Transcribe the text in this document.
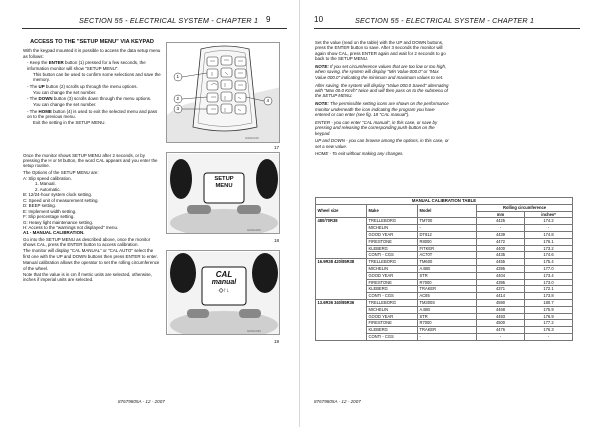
SECTION 55 - ELECTRICAL SYSTEM - CHAPTER 1 9
ACCESS TO THE "SETUP MENU" VIA KEYPAD

With the keypad mounted it is possible to access the data setup menu as follows:

- Keep the ENTER button (1) pressed for a few seconds, the information monitor will show "SETUP MENU".

This button can be used to confirm some selections and save the memory.

- The UP button (2) scrolls up through the menu options.

You can change the set number.

- The DOWN button (3) scrolls down through the menu options.

You can change the set number.

- The HOME button (4) is used to exit the selected menu and pass on to the previous menu.

Exit the setting in the SETUP MENU.

Once the monitor shows SETUP MENU after 2 seconds, or by pressing the H or M button, the word CAL appears and you enter the setup routine.

The Options of the SETUP MENU are:

A: Slip speed calibration.
1. Manual.
2. Automatic.
B: 12/24-hour system clock setting.
C: Speed unit of measurement setting.
D: BEEP setting.
E: Implement width setting.
F: Slip percentage setting.
G: Heavy light maintenance setting.
H: Access to the "warnings not displayed" menu.

A1 - MANUAL CALIBRATION.

Go into the SETUP MENU as described above, once the monitor shows CAL, press the ENTER button to access calibration.

The monitor will display "CAL MANUAL" or "CAL AUTO" select the first one with the UP and DOWN buttons then press ENTER to enter.

Manual calibration allows the operator to set the rolling circumference of the wheel.

Note that the value is in cm if metric units are selected, otherwise, inches if imperial units are selected.

1
2
3
4
G0011010
17
SETUP
MENU
G0011020
18
CAL
manual
◇↑↓
G0011030
19
87679805A - 12 - 2007
10	SECTION 55 - ELECTRICAL SYSTEM - CHAPTER 1

Set the value (read on the table) with the UP and DOWN buttons, press the ENTER button to save. After 3 seconds the monitor will again show CAL, press ENTER again and wait for 2 seconds to go back to the SETUP MENU.

NOTE: If you set circumference values that are too low or too high, when saving, the system will display "Min Value 000.0" or "Max Value 000.0" indicating the minimum and maximum values to set.

After saving, the system will display "Value 000.0 Saved" alternating with "Max 00.0 Km/h" twice and will then pass on to the submenu of the SETUP MENU.

NOTE: The permissible setting icons are shown on the performance monitor underneath the icon indicating the program you have entered or can enter (see fig. 18 "CAL manual").

ENTER - you can enter "CAL manual", in this case, or save by pressing and releasing the corresponding push-button on the keypad.

UP and DOWN - you can browse among the options, in this case, or set a new value.

HOME - To exit without making any changes.

MANUAL CALIBRATION TABLE				
Wheel size	Make	Model	Rolling circumference	
			mm	inches*
480/70R38	TRELLEBORG	TM700	4425	174.2
	MICHELIN	-	-	-
	GOOD YEAR	DT812	4439	174.8
	FIRESTONE	R8000	4472	176.1
	KLEBERG	FITKER	4400	173.2
	CONTI - CGS	AC70T	4435	174.6
16.9R38 420/85R38	TRELLEBORG	TM600	4455	175.4
	MICHELIN	A.BIB	4395	177.0
	GOOD YEAR	STR	4404	173.4
	FIRESTONE	R7000	4395	173.0
	KLEBERG	TRAKER	4371	172.1
	CONTI - CGS	AC85	4414	173.8
13.6R36 340/85R36	TRELLEBORG	TM300S	4590	180.7
	MICHELIN	A.BIB	4468	175.9
	GOOD YEAR	STR	4493	176.9
	FIRESTONE	R7000	4500	177.2
	KLEBERG	TRAKER	4476	176.3
	CONTI - CGS	-	-	-
87679805A - 12 - 2007
